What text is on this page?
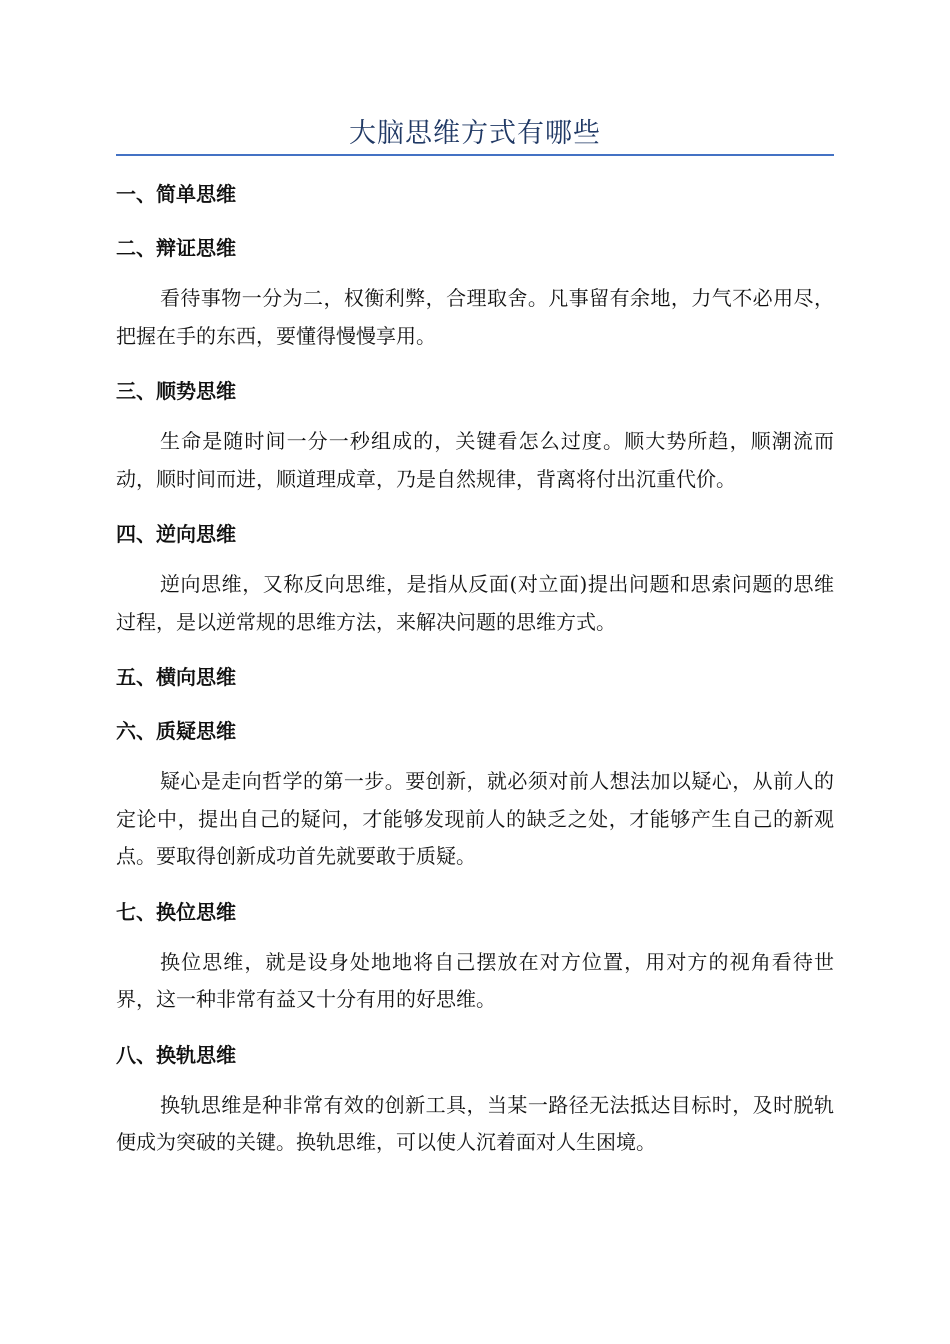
大脑思维方式有哪些

一、简单思维

二、辩证思维

看待事物一分为二，权衡利弊，合理取舍。凡事留有余地，力气不必用尽，把握在手的东西，要懂得慢慢享用。

三、顺势思维

生命是随时间一分一秒组成的，关键看怎么过度。顺大势所趋，顺潮流而动，顺时间而进，顺道理成章，乃是自然规律，背离将付出沉重代价。

四、逆向思维

逆向思维，又称反向思维，是指从反面(对立面)提出问题和思索问题的思维过程，是以逆常规的思维方法，来解决问题的思维方式。

五、横向思维

六、质疑思维

疑心是走向哲学的第一步。要创新，就必须对前人想法加以疑心，从前人的定论中，提出自己的疑问，才能够发现前人的缺乏之处，才能够产生自己的新观点。要取得创新成功首先就要敢于质疑。

七、换位思维

换位思维，就是设身处地地将自己摆放在对方位置，用对方的视角看待世界，这一种非常有益又十分有用的好思维。

八、换轨思维

换轨思维是种非常有效的创新工具，当某一路径无法抵达目标时，及时脱轨便成为突破的关键。换轨思维，可以使人沉着面对人生困境。
